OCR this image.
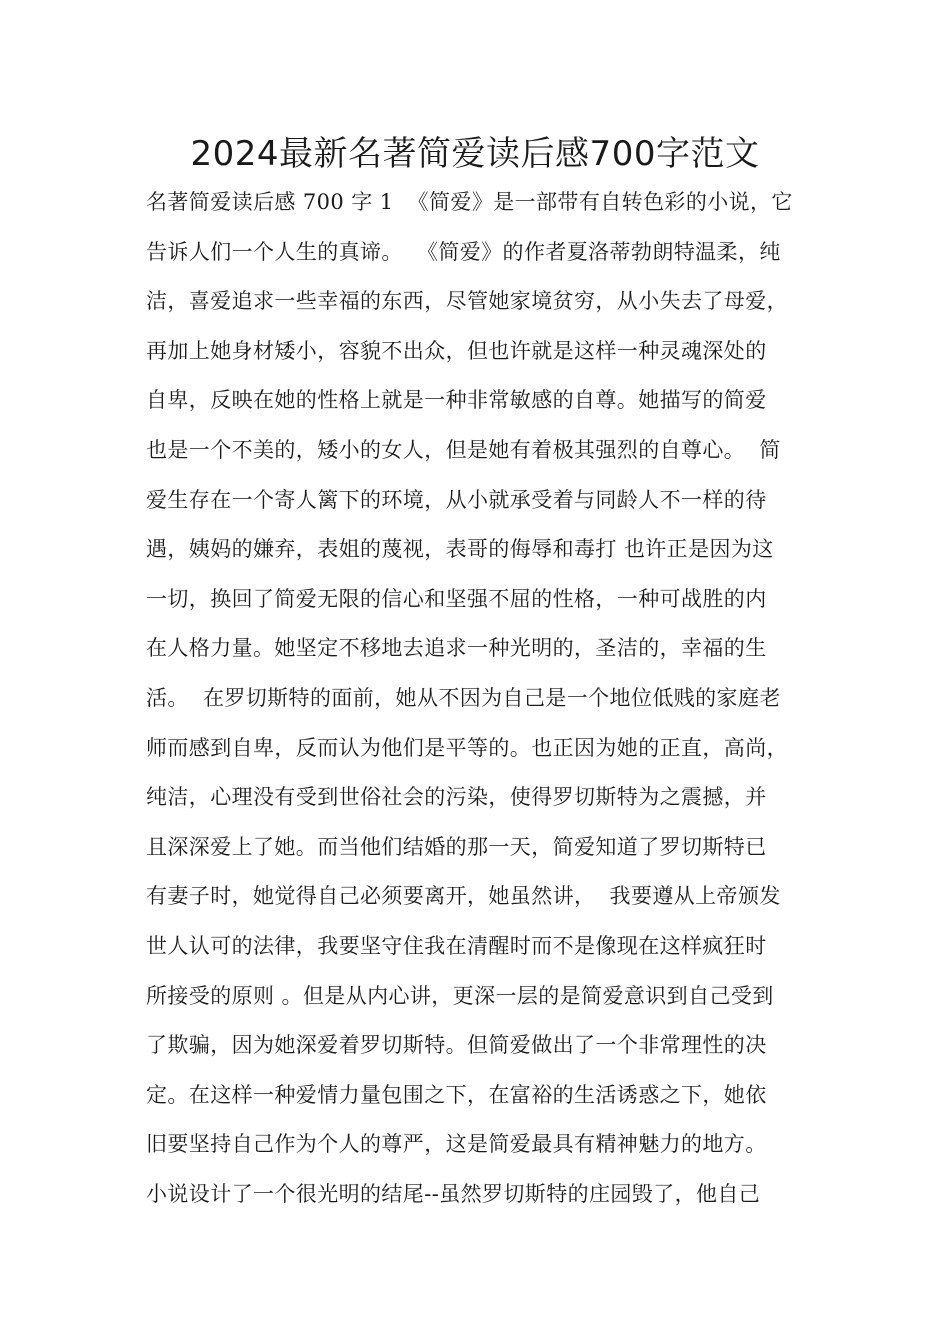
2024最新名著简爱读后感700字范文
名著简爱读后感 700 字 1  《简爱》是一部带有自转色彩的小说，它
告诉人们一个人生的真谛。  《简爱》的作者夏洛蒂勃朗特温柔，纯
洁，喜爱追求一些幸福的东西，尽管她家境贫穷，从小失去了母爱，
再加上她身材矮小，容貌不出众，但也许就是这样一种灵魂深处的
自卑，反映在她的性格上就是一种非常敏感的自尊。她描写的简爱
也是一个不美的，矮小的女人，但是她有着极其强烈的自尊心。  简
爱生存在一个寄人篱下的环境，从小就承受着与同龄人不一样的待
遇，姨妈的嫌弃，表姐的蔑视，表哥的侮辱和毒打 也许正是因为这
一切，换回了简爱无限的信心和坚强不屈的性格，一种可战胜的内
在人格力量。她坚定不移地去追求一种光明的，圣洁的，幸福的生
活。  在罗切斯特的面前，她从不因为自己是一个地位低贱的家庭老
师而感到自卑，反而认为他们是平等的。也正因为她的正直，高尚，
纯洁，心理没有受到世俗社会的污染，使得罗切斯特为之震撼，并
且深深爱上了她。而当他们结婚的那一天，简爱知道了罗切斯特已
有妻子时，她觉得自己必须要离开，她虽然讲，  我要遵从上帝颁发
世人认可的法律，我要坚守住我在清醒时而不是像现在这样疯狂时
所接受的原则 。但是从内心讲，更深一层的是简爱意识到自己受到
了欺骗，因为她深爱着罗切斯特。但简爱做出了一个非常理性的决
定。在这样一种爱情力量包围之下，在富裕的生活诱惑之下，她依
旧要坚持自己作为个人的尊严，这是简爱最具有精神魅力的地方。
小说设计了一个很光明的结尾--虽然罗切斯特的庄园毁了，他自己
